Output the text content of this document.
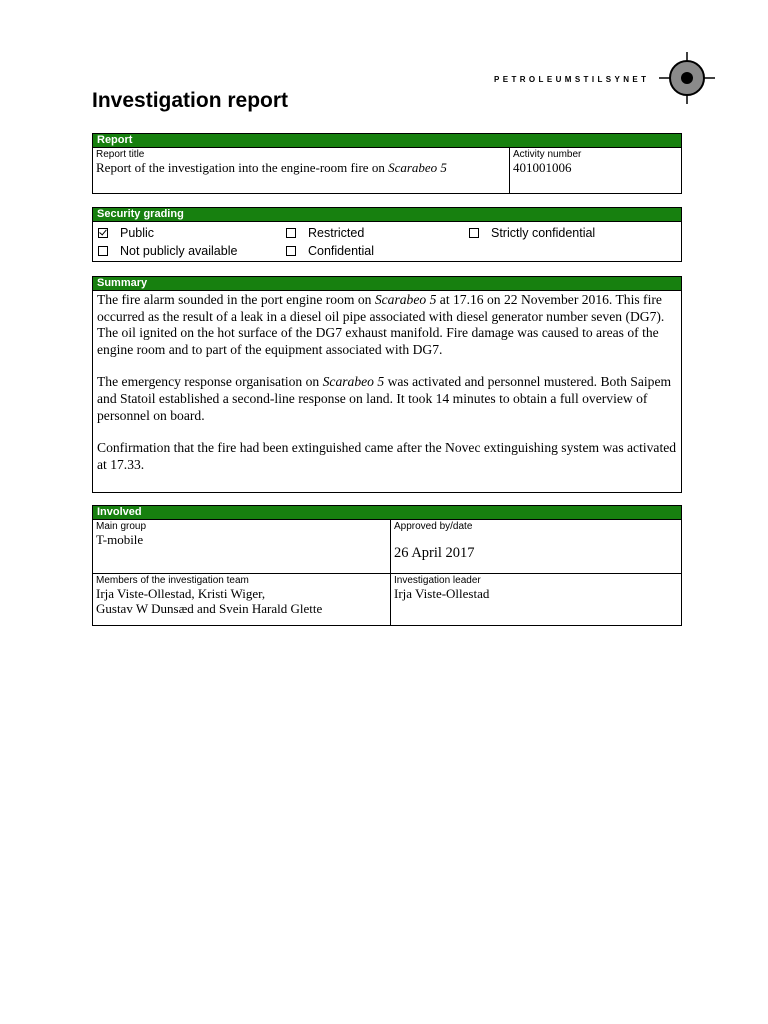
PETROLEUMSTILSYNET
Investigation report
Report
Report title
Report of the investigation into the engine-room fire on Scarabeo 5
Activity number
401001006
Security grading
Public	Restricted	Strictly confidential
Not publicly available	Confidential
Summary

The fire alarm sounded in the port engine room on Scarabeo 5 at 17.16 on 22 November 2016. This fire occurred as the result of a leak in a diesel oil pipe associated with diesel generator number seven (DG7). The oil ignited on the hot surface of the DG7 exhaust manifold. Fire damage was caused to areas of the engine room and to part of the equipment associated with DG7.

The emergency response organisation on Scarabeo 5 was activated and personnel mustered. Both Saipem and Statoil established a second-line response on land. It took 14 minutes to obtain a full overview of personnel on board.

Confirmation that the fire had been extinguished came after the Novec extinguishing system was activated at 17.33.

Involved
Main group
T-mobile
Approved by/date
26 April 2017
Members of the investigation team
Irja Viste-Ollestad, Kristi Wiger,
Gustav W Dunsæd and Svein Harald Glette
Investigation leader
Irja Viste-Ollestad
